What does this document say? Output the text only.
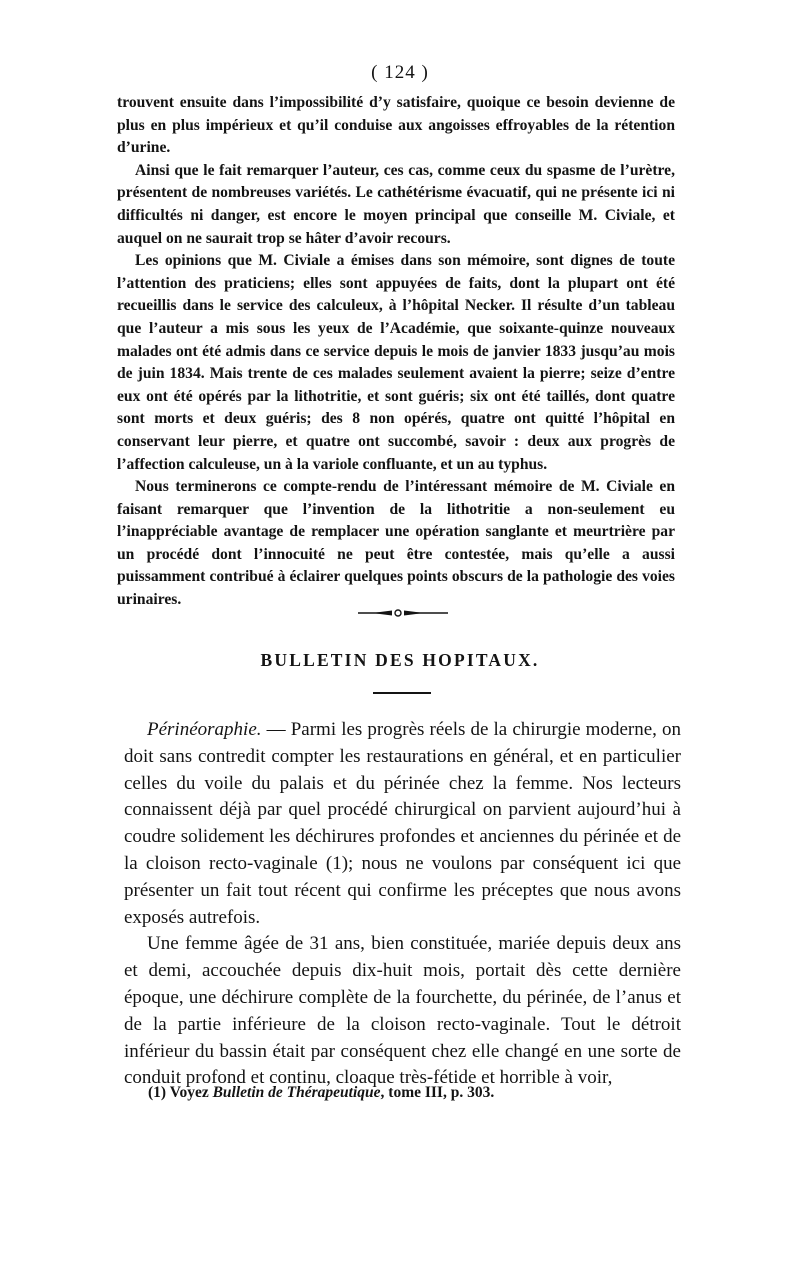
( 124 )

trouvent ensuite dans l’impossibilité d’y satisfaire, quoique ce besoin devienne de plus en plus impérieux et qu’il conduise aux angoisses effroyables de la rétention d’urine.

Ainsi que le fait remarquer l’auteur, ces cas, comme ceux du spasme de l’urètre, présentent de nombreuses variétés. Le cathétérisme évacuatif, qui ne présente ici ni difficultés ni danger, est encore le moyen principal que conseille M. Civiale, et auquel on ne saurait trop se hâter d’avoir recours.

Les opinions que M. Civiale a émises dans son mémoire, sont dignes de toute l’attention des praticiens; elles sont appuyées de faits, dont la plupart ont été recueillis dans le service des calculeux, à l’hôpital Necker. Il résulte d’un tableau que l’auteur a mis sous les yeux de l’Académie, que soixante-quinze nouveaux malades ont été admis dans ce service depuis le mois de janvier 1833 jusqu’au mois de juin 1834. Mais trente de ces malades seulement avaient la pierre; seize d’entre eux ont été opérés par la lithotritie, et sont guéris; six ont été taillés, dont quatre sont morts et deux guéris; des 8 non opérés, quatre ont quitté l’hôpital en conservant leur pierre, et quatre ont succombé, savoir : deux aux progrès de l’affection calculeuse, un à la variole confluante, et un au typhus.

Nous terminerons ce compte-rendu de l’intéressant mémoire de M. Civiale en faisant remarquer que l’invention de la lithotritie a non-seulement eu l’inappréciable avantage de remplacer une opération sanglante et meurtrière par un procédé dont l’innocuité ne peut être contestée, mais qu’elle a aussi puissamment contribué à éclairer quelques points obscurs de la pathologie des voies urinaires.

BULLETIN DES HOPITAUX.

Périnéoraphie. — Parmi les progrès réels de la chirurgie moderne, on doit sans contredit compter les restaurations en général, et en particulier celles du voile du palais et du périnée chez la femme. Nos lecteurs connaissent déjà par quel procédé chirurgical on parvient aujourd’hui à coudre solidement les déchirures profondes et anciennes du périnée et de la cloison recto-vaginale (1); nous ne voulons par conséquent ici que présenter un fait tout récent qui confirme les préceptes que nous avons exposés autrefois.

Une femme âgée de 31 ans, bien constituée, mariée depuis deux ans et demi, accouchée depuis dix-huit mois, portait dès cette dernière époque, une déchirure complète de la fourchette, du périnée, de l’anus et de la partie inférieure de la cloison recto-vaginale. Tout le détroit inférieur du bassin était par conséquent chez elle changé en une sorte de conduit profond et continu, cloaque très-fétide et horrible à voir,

(1) Voyez Bulletin de Thérapeutique, tome III, p. 303.
